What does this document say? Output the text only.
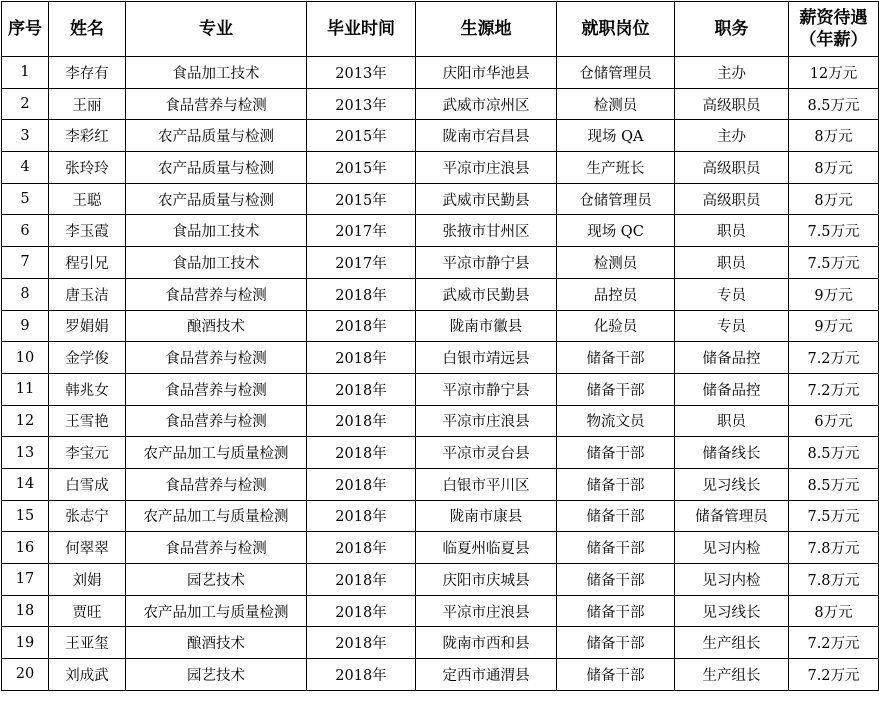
序号	姓名	专业	毕业时间	生源地	就职岗位	职务	薪资待遇
（年薪）

1	李存有	食品加工技术	2013年	庆阳市华池县	仓储管理员	主办	12万元
2	王丽	食品营养与检测	2013年	武威市凉州区	检测员	高级职员	8.5万元
3	李彩红	农产品质量与检测	2015年	陇南市宕昌县	现场 QA	主办	8万元
4	张玲玲	农产品质量与检测	2015年	平凉市庄浪县	生产班长	高级职员	8万元
5	王聪	农产品质量与检测	2015年	武威市民勤县	仓储管理员	高级职员	8万元
6	李玉霞	食品加工技术	2017年	张掖市甘州区	现场 QC	职员	7.5万元
7	程引兄	食品加工技术	2017年	平凉市静宁县	检测员	职员	7.5万元
8	唐玉洁	食品营养与检测	2018年	武威市民勤县	品控员	专员	9万元
9	罗娟娟	酿酒技术	2018年	陇南市徽县	化验员	专员	9万元
10	金学俊	食品营养与检测	2018年	白银市靖远县	储备干部	储备品控	7.2万元
11	韩兆女	食品营养与检测	2018年	平凉市静宁县	储备干部	储备品控	7.2万元
12	王雪艳	食品营养与检测	2018年	平凉市庄浪县	物流文员	职员	6万元
13	李宝元	农产品加工与质量检测	2018年	平凉市灵台县	储备干部	储备线长	8.5万元
14	白雪成	食品营养与检测	2018年	白银市平川区	储备干部	见习线长	8.5万元
15	张志宁	农产品加工与质量检测	2018年	陇南市康县	储备干部	储备管理员	7.5万元
16	何翠翠	食品营养与检测	2018年	临夏州临夏县	储备干部	见习内检	7.8万元
17	刘娟	园艺技术	2018年	庆阳市庆城县	储备干部	见习内检	7.8万元
18	贾旺	农产品加工与质量检测	2018年	平凉市庄浪县	储备干部	见习线长	8万元
19	王亚玺	酿酒技术	2018年	陇南市西和县	储备干部	生产组长	7.2万元
20	刘成武	园艺技术	2018年	定西市通渭县	储备干部	生产组长	7.2万元
